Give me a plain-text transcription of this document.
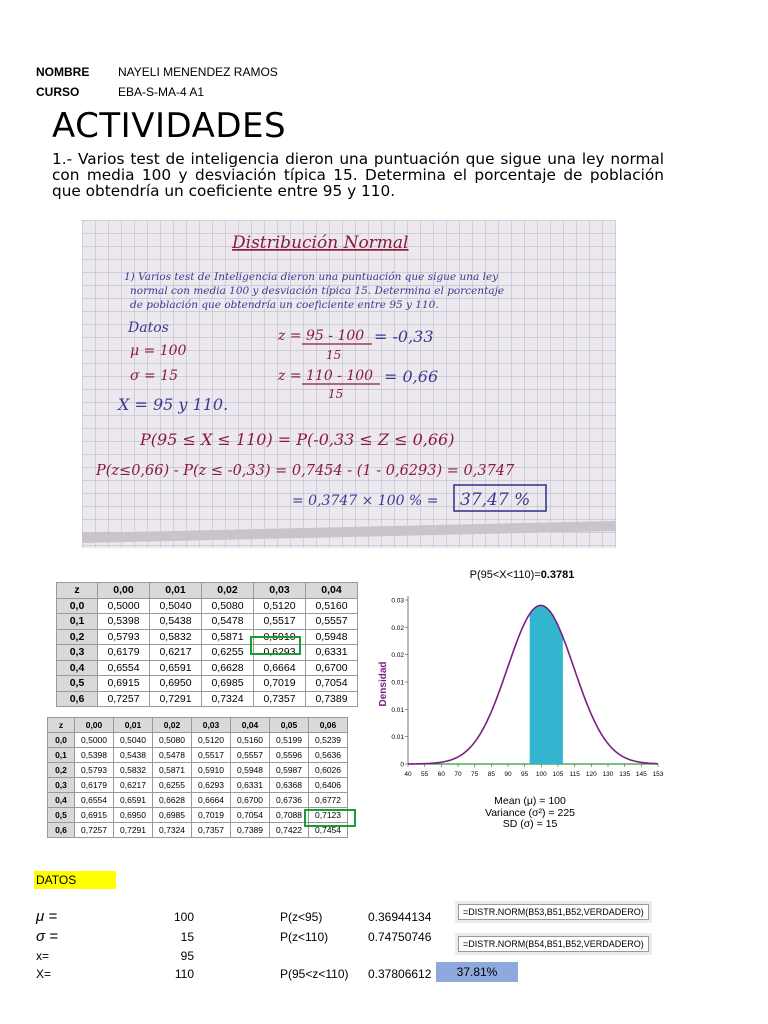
NOMBRE NAYELI MENENDEZ RAMOS
CURSO	EBA-S-MA-4 A1
ACTIVIDADES
1.- Varios test de inteligencia dieron una puntuación que sigue una ley normal con media 100 y desviación típica 15. Determina el porcentaje de población que obtendría un coeficiente entre 95 y 110.
Distribución Normal
1) Varios test de Inteligencia dieron una puntuación que sigue una ley
normal con media 100 y desviación típica 15. Determina el porcentaje
de población que obtendría un coeficiente entre 95 y 110.
Datos
μ = 100
σ = 15
X = 95 y 110.
z = 95 - 100
15
= -0,33
z = 110 - 100
15
= 0,66
P(95 ≤ X ≤ 110) = P(-0,33 ≤ Z ≤ 0,66)
P(z≤0,66) - P(z ≤ -0,33) = 0,7454 - (1 - 0,6293) = 0,3747
= 0,3747 × 100 % = 37,47 %
z	0,00	0,01	0,02	0,03	0,04
0,0	0,5000	0,5040	0,5080	0,5120	0,5160
0,1	0,5398	0,5438	0,5478	0,5517	0,5557
0,2	0,5793	0,5832	0,5871	0,5910	0,5948
0,3	0,6179	0,6217	0,6255	0,6293	0,6331
0,4	0,6554	0,6591	0,6628	0,6664	0,6700
0,5	0,6915	0,6950	0,6985	0,7019	0,7054
0,6	0,7257	0,7291	0,7324	0,7357	0,7389
z	0,00	0,01	0,02	0,03	0,04	0,05	0,06
0,0	0,5000	0,5040	0,5080	0,5120	0,5160	0,5199	0,5239
0,1	0,5398	0,5438	0,5478	0,5517	0,5557	0,5596	0,5636
0,2	0,5793	0,5832	0,5871	0,5910	0,5948	0,5987	0,6026
0,3	0,6179	0,6217	0,6255	0,6293	0,6331	0,6368	0,6406
0,4	0,6554	0,6591	0,6628	0,6664	0,6700	0,6736	0,6772
0,5	0,6915	0,6950	0,6985	0,7019	0,7054	0,7088	0,7123
0,6	0,7257	0,7291	0,7324	0,7357	0,7389	0,7422	0,7454
P(95<X<110)=0.3781
Densidad
40 55 60 70 75 85 90 95 100 105 115 120 130 135 145 153
0
0.01
0.01
0.01
0.02
0.02
0.03
Mean (μ) = 100
Variance (σ²) = 225
SD (σ) = 15
DATOS
μ =	100	P(z<95)	0.36944134	=DISTR.NORM(B53,B51,B52,VERDADERO)
σ =	15	P(z<110)	0.74750746	=DISTR.NORM(B54,B51,B52,VERDADERO)
x=	95
X=	110	P(95<z<110) 0.37806612	37.81%
